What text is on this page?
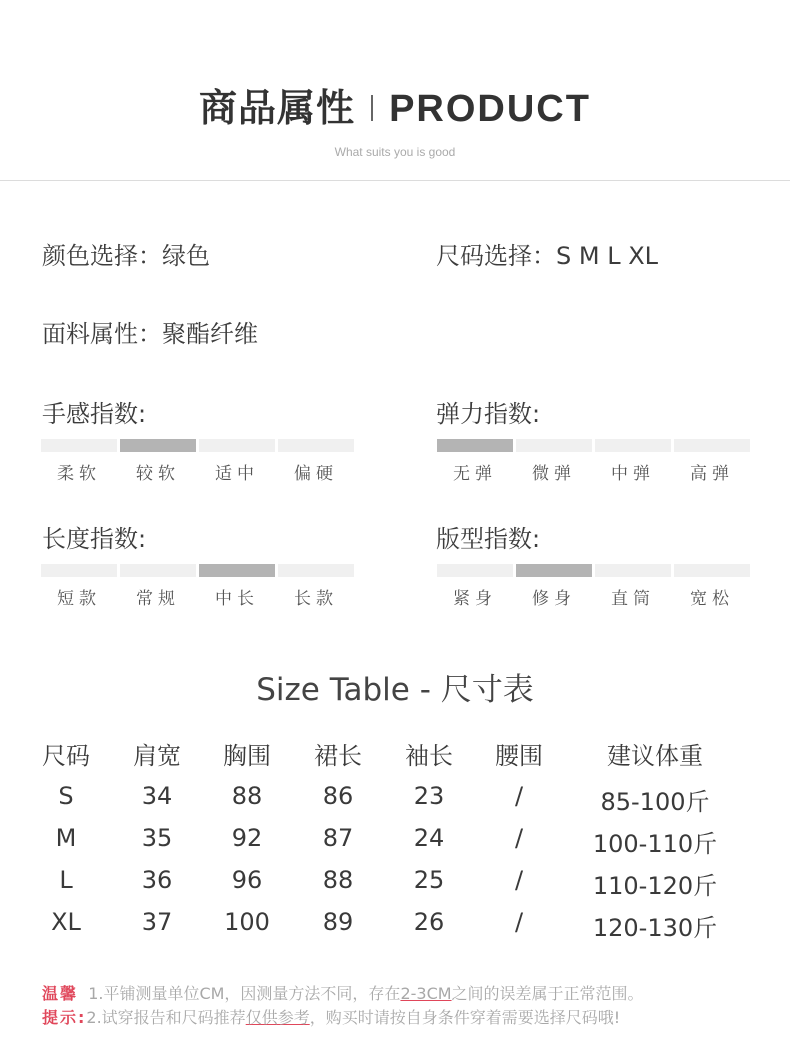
商品属性 PRODUCT
What suits you is good
颜色选择：绿色	尺码选择：S M L XL
面料属性：聚酯纤维
手感指数:
柔软	较软	适中	偏硬
弹力指数:
无弹	微弹	中弹	高弹
长度指数:
短款	常规	中长	长款
版型指数:
紧身	修身	直筒	宽松
Size Table - 尺寸表
尺码	肩宽	胸围	裙长	袖长	腰围	建议体重
S	34	88	86	23	/	85-100斤
M	35	92	87	24	/	100-110斤
L	36	96	88	25	/	110-120斤
XL	37	100	89	26	/	120-130斤
温馨 1.平铺测量单位CM，因测量方法不同，存在2-3CM之间的误差属于正常范围。
提示:2.试穿报告和尺码推荐仅供参考，购买时请按自身条件穿着需要选择尺码哦!
